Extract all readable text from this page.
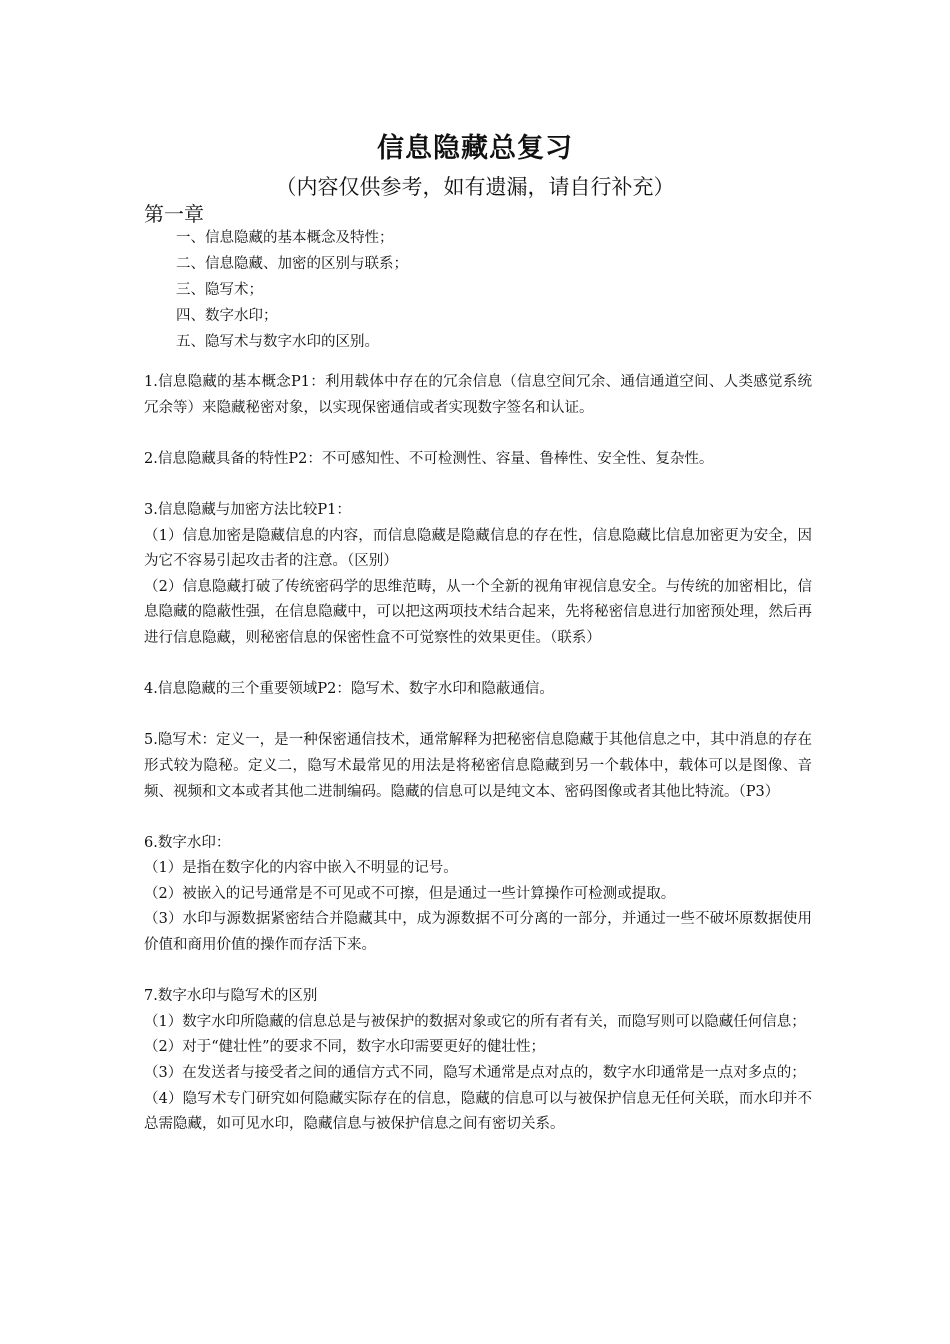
信息隐藏总复习
（内容仅供参考，如有遗漏，请自行补充）
第一章
一、信息隐藏的基本概念及特性；
二、信息隐藏、加密的区别与联系；
三、隐写术；
四、数字水印；
五、隐写术与数字水印的区别。

1.信息隐藏的基本概念P1：利用载体中存在的冗余信息（信息空间冗余、通信通道空间、人类感觉系统冗余等）来隐藏秘密对象，以实现保密通信或者实现数字签名和认证。

2.信息隐藏具备的特性P2：不可感知性、不可检测性、容量、鲁棒性、安全性、复杂性。

3.信息隐藏与加密方法比较P1：

（1）信息加密是隐藏信息的内容，而信息隐藏是隐藏信息的存在性，信息隐藏比信息加密更为安全，因为它不容易引起攻击者的注意。（区别）

（2）信息隐藏打破了传统密码学的思维范畴，从一个全新的视角审视信息安全。与传统的加密相比，信息隐藏的隐蔽性强，在信息隐藏中，可以把这两项技术结合起来，先将秘密信息进行加密预处理，然后再进行信息隐藏，则秘密信息的保密性盒不可觉察性的效果更佳。（联系）

4.信息隐藏的三个重要领域P2：隐写术、数字水印和隐蔽通信。

5.隐写术：定义一，是一种保密通信技术，通常解释为把秘密信息隐藏于其他信息之中，其中消息的存在形式较为隐秘。定义二，隐写术最常见的用法是将秘密信息隐藏到另一个载体中，载体可以是图像、音频、视频和文本或者其他二进制编码。隐藏的信息可以是纯文本、密码图像或者其他比特流。（P3）

6.数字水印：

（1）是指在数字化的内容中嵌入不明显的记号。

（2）被嵌入的记号通常是不可见或不可擦，但是通过一些计算操作可检测或提取。

（3）水印与源数据紧密结合并隐藏其中，成为源数据不可分离的一部分，并通过一些不破坏原数据使用价值和商用价值的操作而存活下来。

7.数字水印与隐写术的区别

（1）数字水印所隐藏的信息总是与被保护的数据对象或它的所有者有关，而隐写则可以隐藏任何信息；

（2）对于“健壮性”的要求不同，数字水印需要更好的健壮性；

（3）在发送者与接受者之间的通信方式不同，隐写术通常是点对点的，数字水印通常是一点对多点的；

（4）隐写术专门研究如何隐藏实际存在的信息，隐藏的信息可以与被保护信息无任何关联，而水印并不总需隐藏，如可见水印，隐藏信息与被保护信息之间有密切关系。
